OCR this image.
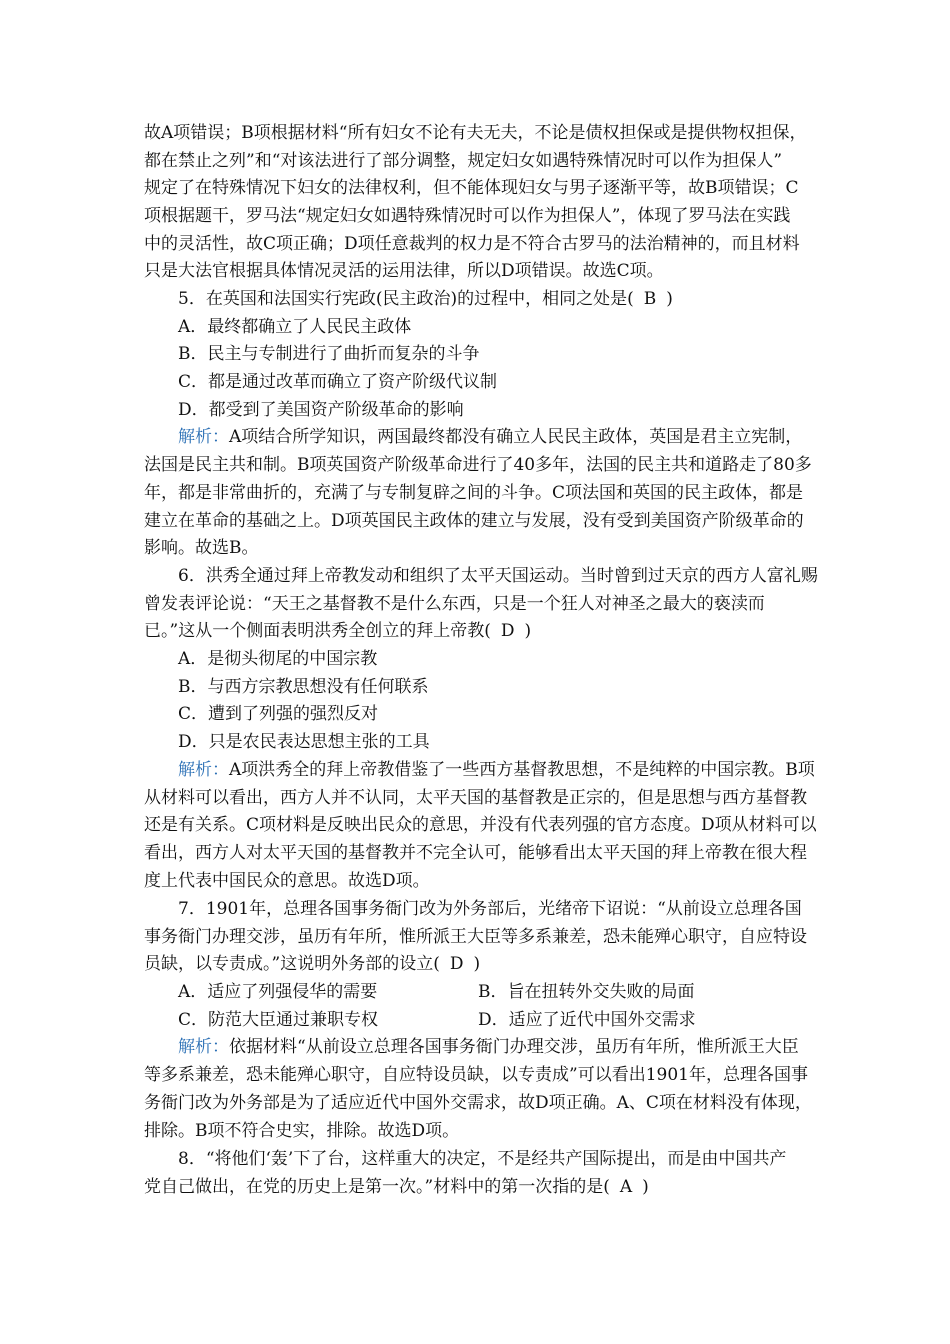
故A项错误；B项根据材料“所有妇女不论有夫无夫，不论是债权担保或是提供物权担保，
都在禁止之列”和“对该法进行了部分调整，规定妇女如遇特殊情况时可以作为担保人”
规定了在特殊情况下妇女的法律权利，但不能体现妇女与男子逐渐平等，故B项错误；C
项根据题干，罗马法“规定妇女如遇特殊情况时可以作为担保人”，体现了罗马法在实践
中的灵活性，故C项正确；D项任意裁判的权力是不符合古罗马的法治精神的，而且材料
只是大法官根据具体情况灵活的运用法律，所以D项错误。故选C项。
5．在英国和法国实行宪政(民主政治)的过程中，相同之处是( B )
A．最终都确立了人民民主政体
B．民主与专制进行了曲折而复杂的斗争
C．都是通过改革而确立了资产阶级代议制
D．都受到了美国资产阶级革命的影响
解析：A项结合所学知识，两国最终都没有确立人民民主政体，英国是君主立宪制，
法国是民主共和制。B项英国资产阶级革命进行了40多年，法国的民主共和道路走了80多
年，都是非常曲折的，充满了与专制复辟之间的斗争。C项法国和英国的民主政体，都是
建立在革命的基础之上。D项英国民主政体的建立与发展，没有受到美国资产阶级革命的
影响。故选B。
6．洪秀全通过拜上帝教发动和组织了太平天国运动。当时曾到过天京的西方人富礼赐
曾发表评论说：“天王之基督教不是什么东西，只是一个狂人对神圣之最大的亵渎而
已。”这从一个侧面表明洪秀全创立的拜上帝教( D )
A．是彻头彻尾的中国宗教
B．与西方宗教思想没有任何联系
C．遭到了列强的强烈反对
D．只是农民表达思想主张的工具
解析：A项洪秀全的拜上帝教借鉴了一些西方基督教思想，不是纯粹的中国宗教。B项
从材料可以看出，西方人并不认同，太平天国的基督教是正宗的，但是思想与西方基督教
还是有关系。C项材料是反映出民众的意思，并没有代表列强的官方态度。D项从材料可以
看出，西方人对太平天国的基督教并不完全认可，能够看出太平天国的拜上帝教在很大程
度上代表中国民众的意思。故选D项。
7．1901年，总理各国事务衙门改为外务部后，光绪帝下诏说：“从前设立总理各国
事务衙门办理交涉，虽历有年所，惟所派王大臣等多系兼差，恐未能殚心职守，自应特设
员缺，以专责成。”这说明外务部的设立( D )
A．适应了列强侵华的需要	B．旨在扭转外交失败的局面
C．防范大臣通过兼职专权	D．适应了近代中国外交需求
解析：依据材料“从前设立总理各国事务衙门办理交涉，虽历有年所，惟所派王大臣
等多系兼差，恐未能殚心职守，自应特设员缺，以专责成”可以看出1901年，总理各国事
务衙门改为外务部是为了适应近代中国外交需求，故D项正确。A、C项在材料没有体现，
排除。B项不符合史实，排除。故选D项。
8．“将他们‘轰’下了台，这样重大的决定，不是经共产国际提出，而是由中国共产
党自己做出，在党的历史上是第一次。”材料中的第一次指的是( A )
